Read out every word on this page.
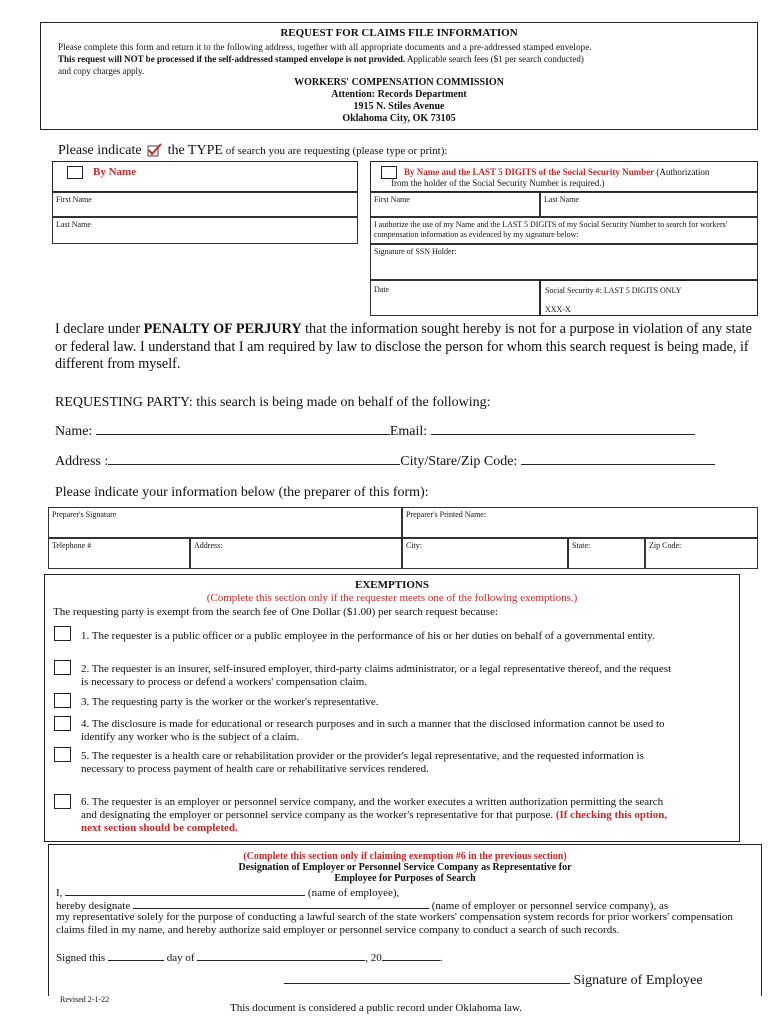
REQUEST FOR CLAIMS FILE INFORMATION
Please complete this form and return it to the following address, together with all appropriate documents and a pre-addressed stamped envelope.
This request will NOT be processed if the self-addressed stamped envelope is not provided. Applicable search fees ($1 per search conducted)
and copy charges apply.
WORKERS' COMPENSATION COMMISSION
Attention: Records Department
1915 N. Stiles Avenue
Oklahoma City, OK 73105
Please indicate the TYPE of search you are requesting (please type or print):
By Name
First Name
Last Name
By Name and the LAST 5 DIGITS of the Social Security Number (Authorization
from the holder of the Social Security Number is required.)
First Name	Last Name
I authorize the use of my Name and the LAST 5 DIGITS of my Social Security Number to search for workers' compensation information as evidenced by my signature below:
Signature of SSN Holder:
Date	Social Security #: LAST 5 DIGITS ONLY
XXX-X
I declare under PENALTY OF PERJURY that the information sought hereby is not for a purpose in violation of any state or federal law. I understand that I am required by law to disclose the person for whom this search request is being made, if different from myself.
REQUESTING PARTY: this search is being made on behalf of the following:
Name:	Email:
Address :	City/Stare/Zip Code:
Please indicate your information below (the preparer of this form):
Preparer's Signature	Preparer's Printed Name:
Telephone #	Address:	City:	State:	Zip Code:
EXEMPTIONS
(Complete this section only if the requester meets one of the following exemptions.)
The requesting party is exempt from the search fee of One Dollar ($1.00) per search request because:
1. The requester is a public officer or a public employee in the performance of his or her duties on behalf of a governmental entity.
2. The requester is an insurer, self-insured employer, third-party claims administrator, or a legal representative thereof, and the request is necessary to process or defend a workers' compensation claim.
3. The requesting party is the worker or the worker's representative.
4. The disclosure is made for educational or research purposes and in such a manner that the disclosed information cannot be used to identify any worker who is the subject of a claim.
5. The requester is a health care or rehabilitation provider or the provider's legal representative, and the requested information is necessary to process payment of health care or rehabilitative services rendered.
6. The requester is an employer or personnel service company, and the worker executes a written authorization permitting the search and designating the employer or personnel service company as the worker's representative for that purpose. (If checking this option, next section should be completed.
(Complete this section only if claiming exemption #6 in the previous section)
Designation of Employer or Personnel Service Company as Representative for
Employee for Purposes of Search
I,	(name of employee),
hereby designate	(name of employer or personnel service company), as
my representative solely for the purpose of conducting a lawful search of the state workers' compensation system records for prior workers' compensation claims filed in my name, and hereby authorize said employer or personnel service company to conduct a search of such records.
Signed this	day of	, 20	.
Signature of Employee
Revised 2-1-22
This document is considered a public record under Oklahoma law.
